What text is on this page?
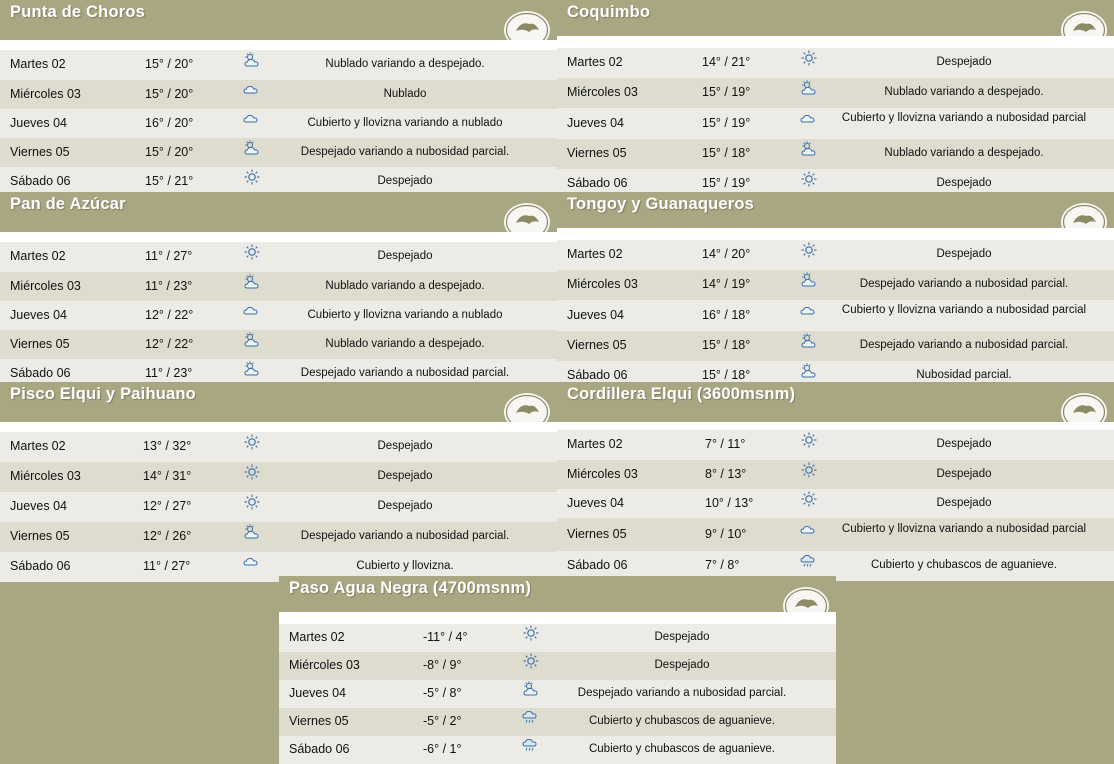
Punta de Choros
Martes 02	15° / 20°	Nublado variando a despejado.
Miércoles 03	15° / 20°	Nublado
Jueves 04	16° / 20°	Cubierto y llovizna variando a nublado
Viernes 05	15° / 20°	Despejado variando a nubosidad parcial.
Sábado 06	15° / 21°	Despejado
Coquimbo
Martes 02	14° / 21°	Despejado
Miércoles 03	15° / 19°	Nublado variando a despejado.
Jueves 04	15° / 19°	Cubierto y llovizna variando a nubosidad parcial
Viernes 05	15° / 18°	Nublado variando a despejado.
Sábado 06	15° / 19°	Despejado
Pan de Azúcar
Martes 02	11° / 27°	Despejado
Miércoles 03	11° / 23°	Nublado variando a despejado.
Jueves 04	12° / 22°	Cubierto y llovizna variando a nublado
Viernes 05	12° / 22°	Nublado variando a despejado.
Sábado 06	11° / 23°	Despejado variando a nubosidad parcial.
Tongoy y Guanaqueros
Martes 02	14° / 20°	Despejado
Miércoles 03	14° / 19°	Despejado variando a nubosidad parcial.
Jueves 04	16° / 18°	Cubierto y llovizna variando a nubosidad parcial
Viernes 05	15° / 18°	Despejado variando a nubosidad parcial.
Sábado 06	15° / 18°	Nubosidad parcial.
Pisco Elqui y Paihuano
Martes 02	13° / 32°	Despejado
Miércoles 03	14° / 31°	Despejado
Jueves 04	12° / 27°	Despejado
Viernes 05	12° / 26°	Despejado variando a nubosidad parcial.
Sábado 06	11° / 27°	Cubierto y llovizna.
Cordillera Elqui (3600msnm)
Martes 02	7° / 11°	Despejado
Miércoles 03	8° / 13°	Despejado
Jueves 04	10° / 13°	Despejado
Viernes 05	9° / 10°	Cubierto y llovizna variando a nubosidad parcial
Sábado 06	7° / 8°	Cubierto y chubascos de aguanieve.
Paso Agua Negra (4700msnm)
Martes 02	-11° / 4°	Despejado
Miércoles 03	-8° / 9°	Despejado
Jueves 04	-5° / 8°	Despejado variando a nubosidad parcial.
Viernes 05	-5° / 2°	Cubierto y chubascos de aguanieve.
Sábado 06	-6° / 1°	Cubierto y chubascos de aguanieve.
